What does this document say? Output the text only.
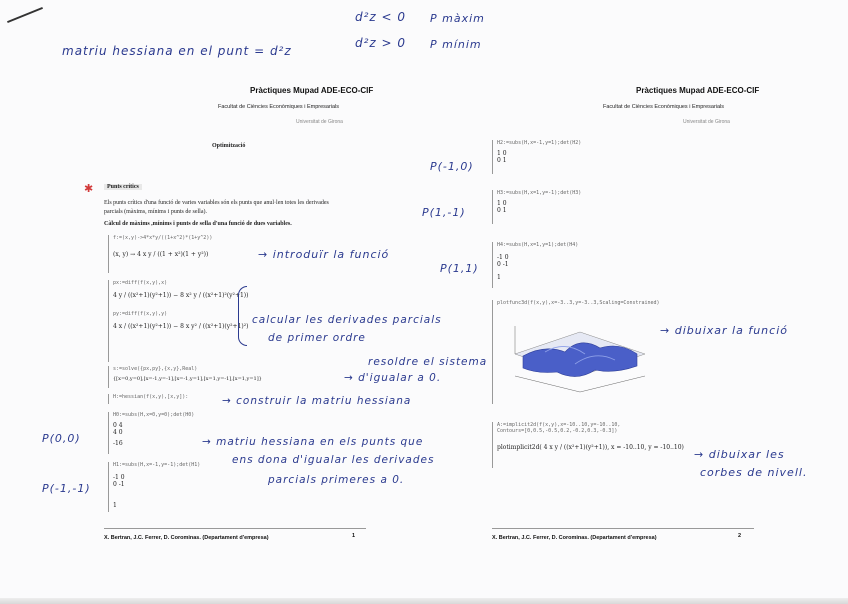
matriu hessiana en el punt = d²z
d²z < 0 P màxim
d²z > 0 P mínim
Pràctiques Mupad ADE-ECO-CIF
Facultat de Ciències Econòmiques i Empresarials
Universitat de Girona
Optimització
✱	Punts crítics
Els punts crítics d'una funció de varies variables són els punts que anul·len totes les derivades parcials (màxims, mínims i punts de sella).
Càlcul de màxims ,mínims i punts de sella d'una funció de dues variables.
f:=(x,y)->4*x*y/((1+x^2)*(1+y^2))
(x, y) → 4 x y / ((1 + x²)(1 + y²))
px:=diff(f(x,y),x)
4 y / ((x²+1)(y²+1)) − 8 x² y / ((x²+1)²(y²+1))
py:=diff(f(x,y),y)
4 x / ((x²+1)(y²+1)) − 8 x y² / ((x²+1)(y²+1)²)
s:=solve({px,py},{x,y},Real)
{[x=0,y=0],[x=-1,y=-1],[x=-1,y=1],[x=1,y=-1],[x=1,y=1]}
H:=hessian(f(x,y),[x,y]):
H0:=subs(H,x=0,y=0);det(H0)
0 4
4 0
-16
H1:=subs(H,x=-1,y=-1);det(H1)
-1 0
0 -1
1
→ introduïr la funció
calcular les derivades parcials
de primer ordre
resoldre el sistema
→ d'igualar a 0.
→ construir la matriu hessiana
→ matriu hessiana en els punts que
ens dona d'igualar les derivades
parcials primeres a 0.
P(0,0)
P(-1,-1)
X. Bertran, J.C. Ferrer, D. Corominas. (Departament d'empresa)	1
Pràctiques Mupad ADE-ECO-CIF
Facultat de Ciències Econòmiques i Empresarials
Universitat de Girona
H2:=subs(H,x=-1,y=1);det(H2)
1 0
0 1
H3:=subs(H,x=1,y=-1);det(H3)
1 0
0 1
H4:=subs(H,x=1,y=1);det(H4)
-1 0
0 -1
1
plotfunc3d(f(x,y),x=-3..3,y=-3..3,Scaling=Constrained)
A:=implicit2d(f(x,y),x=-10..10,y=-10..10,
Contours=[0,0.5,-0.5,0.2,-0.2,0.3,-0.3])
plotimplicit2d( 4 x y / ((x²+1)(y²+1)), x = -10..10, y = -10..10)
P(-1,0)
P(1,-1)
P(1,1)
→ dibuixar la funció
→ dibuixar les
corbes de nivell.
X. Bertran, J.C. Ferrer, D. Corominas. (Departament d'empresa)	2
